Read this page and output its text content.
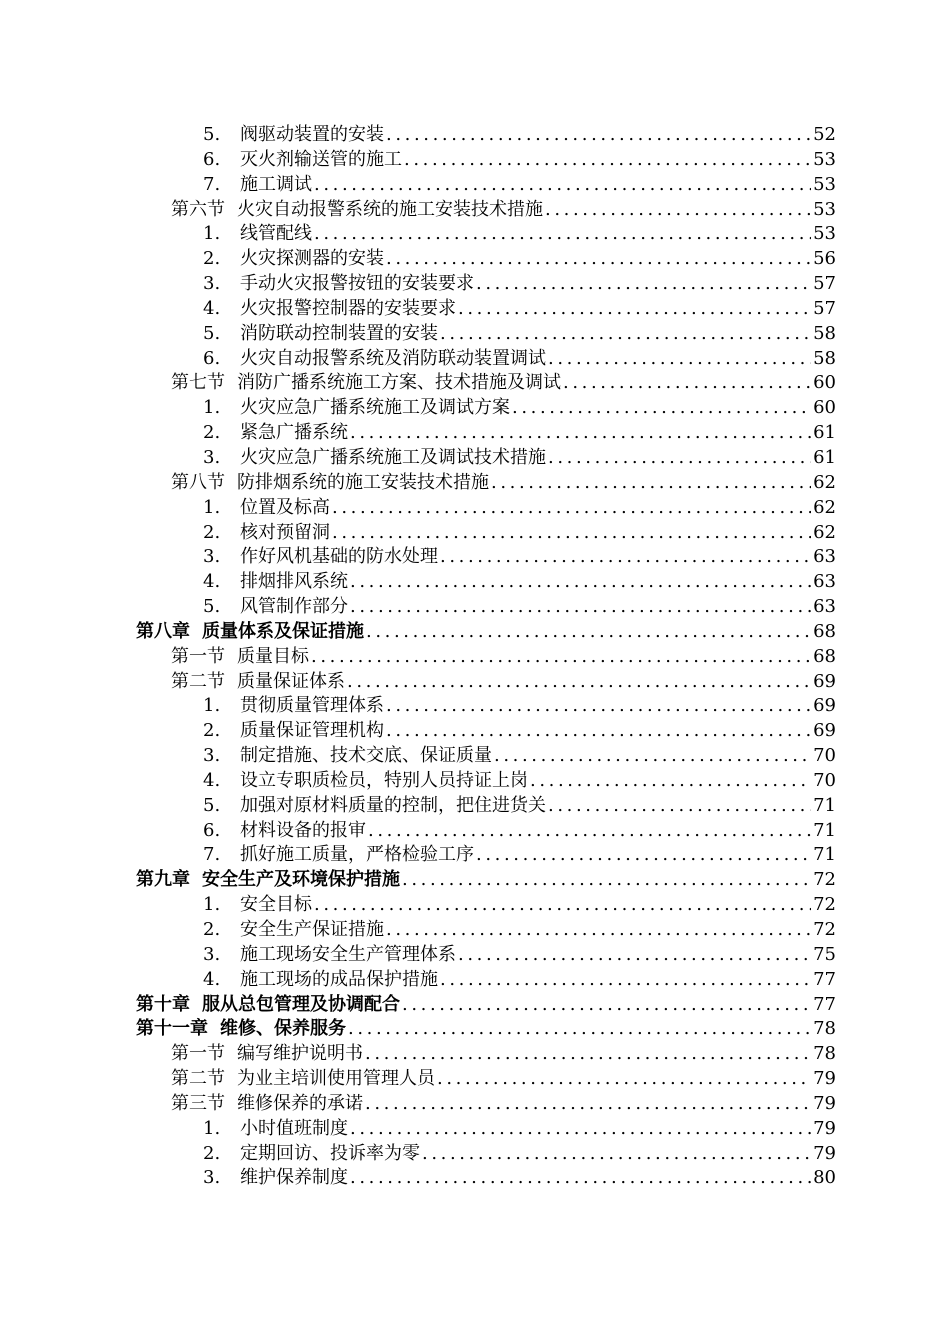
5.	阀驱动装置的安装 .....	52
6.	灭火剂输送管的施工 .....	53
7.	施工调试 .....	53
第六节 火灾自动报警系统的施工安装技术措施 .....	53
1.	线管配线 .....	53
2.	火灾探测器的安装 .....	56
3.	手动火灾报警按钮的安装要求 .....	57
4.	火灾报警控制器的安装要求 .....	57
5.	消防联动控制装置的安装 .....	58
6.	火灾自动报警系统及消防联动装置调试 .....	58
第七节 消防广播系统施工方案、技术措施及调试 .....	60
1.	火灾应急广播系统施工及调试方案 .....	60
2.	紧急广播系统 .....	61
3.	火灾应急广播系统施工及调试技术措施 .....	61
第八节 防排烟系统的施工安装技术措施 .....	62
1.	位置及标高 .....	62
2.	核对预留洞 .....	62
3.	作好风机基础的防水处理 .....	63
4.	排烟排风系统 .....	63
5.	风管制作部分 .....	63
第八章 质量体系及保证措施 .....	68
第一节 质量目标 .....	68
第二节 质量保证体系 .....	69
1.	贯彻质量管理体系 .....	69
2.	质量保证管理机构 .....	69
3.	制定措施、技术交底、保证质量 .....	70
4.	设立专职质检员，特别人员持证上岗 .....	70
5.	加强对原材料质量的控制，把住进货关 .....	71
6.	材料设备的报审 .....	71
7.	抓好施工质量，严格检验工序 .....	71
第九章 安全生产及环境保护措施 .....	72
1.	安全目标 .....	72
2.	安全生产保证措施 .....	72
3.	施工现场安全生产管理体系 .....	75
4.	施工现场的成品保护措施 .....	77
第十章 服从总包管理及协调配合 .....	77
第十一章 维修、保养服务 .....	78
第一节 编写维护说明书 .....	78
第二节 为业主培训使用管理人员 .....	79
第三节 维修保养的承诺 .....	79
1.	小时值班制度 .....	79
2.	定期回访、投诉率为零 .....	79
3.	维护保养制度 .....	80
